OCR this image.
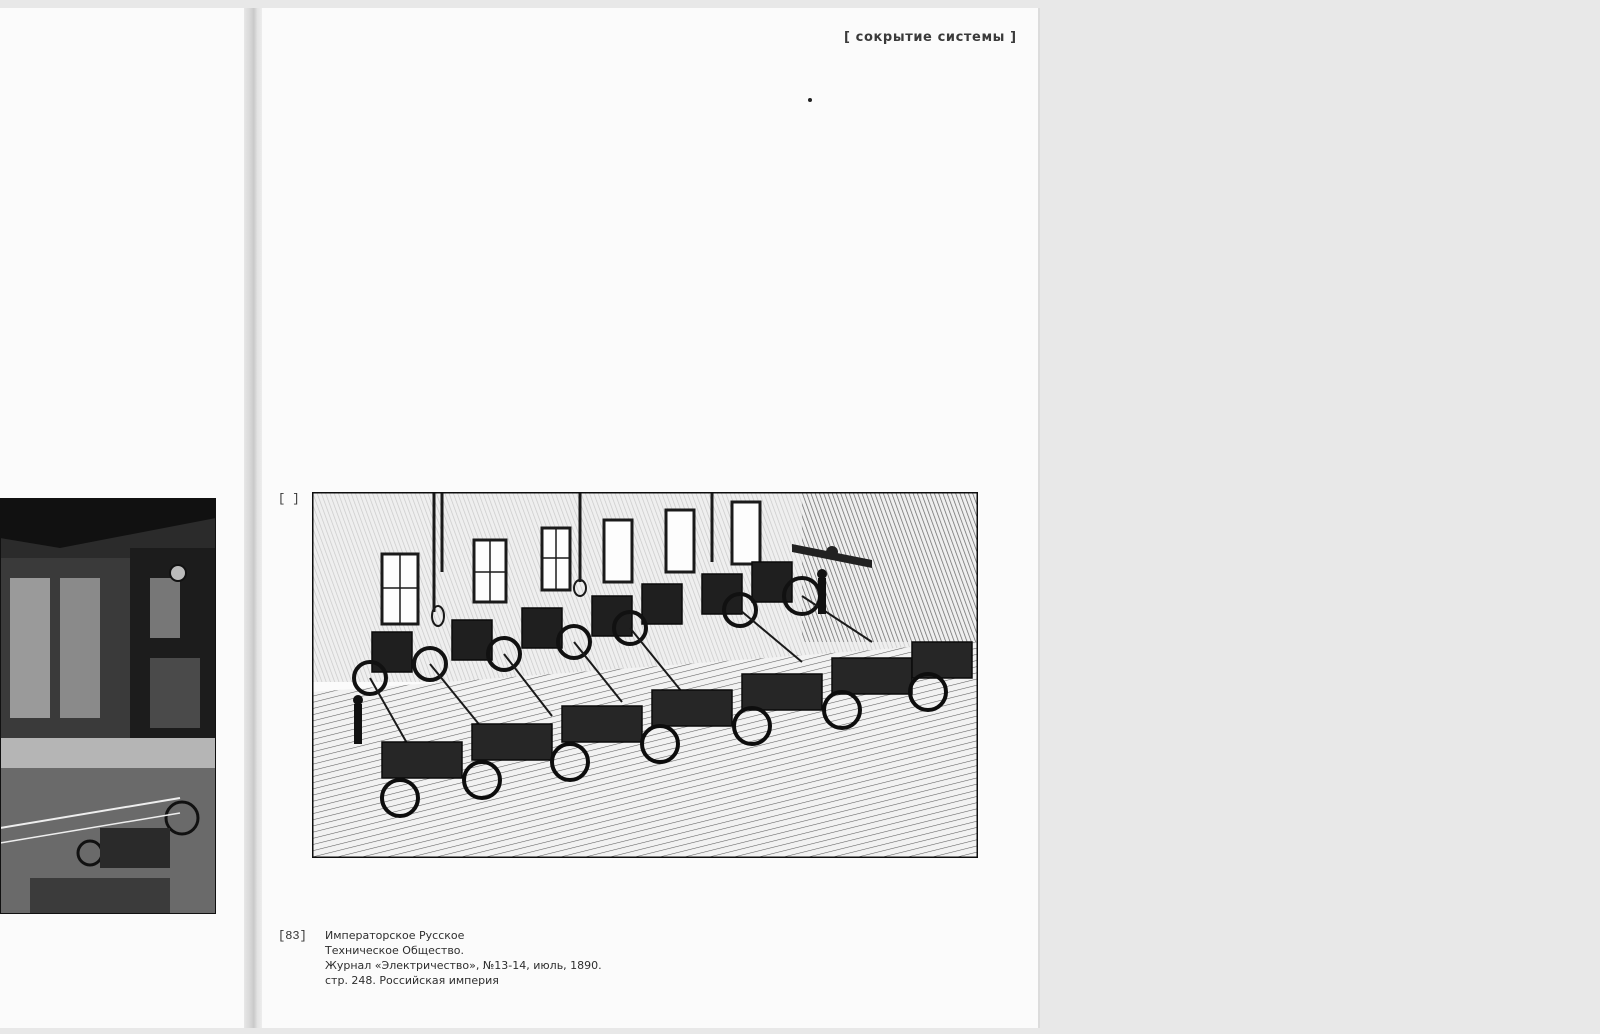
[ сокрытие системы ]
[ ]
[83] Императорское Русское
Техническое Общество.
Журнал «Электричество», №13-14, июль, 1890.
стр. 248. Российская империя
